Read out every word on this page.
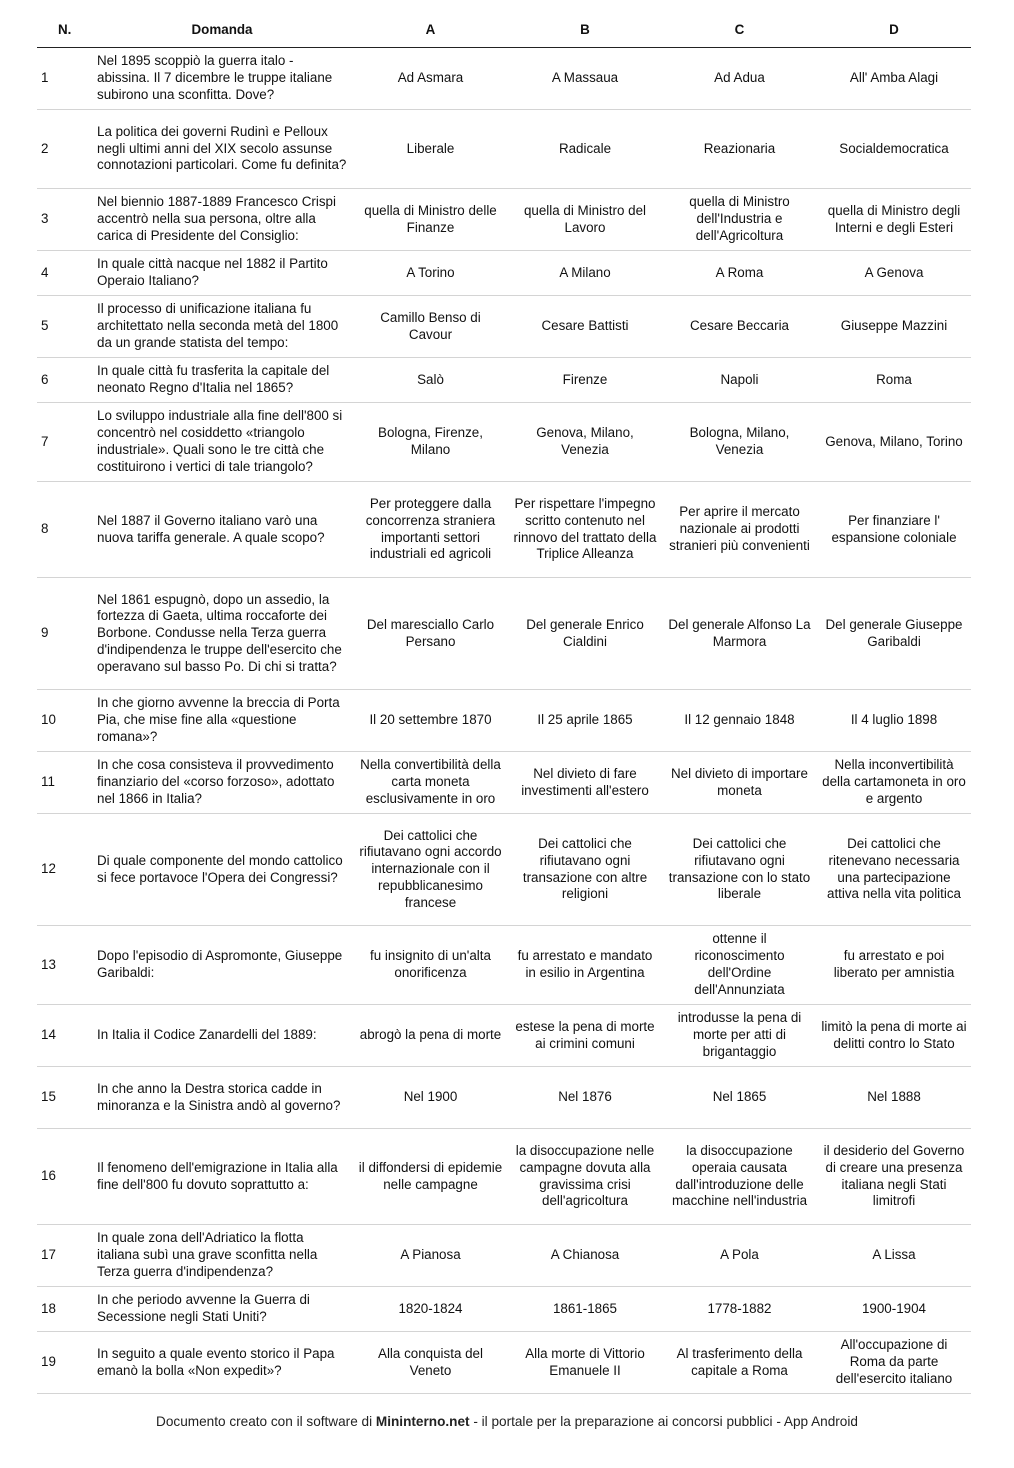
N.	Domanda	A	B	C	D
1	Nel 1895 scoppiò la guerra italo - abissina. Il 7 dicembre le truppe italiane subirono una sconfitta. Dove?	Ad Asmara	A Massaua	Ad Adua	All' Amba Alagi
2	La politica dei governi Rudinì e Pelloux negli ultimi anni del XIX secolo assunse connotazioni particolari. Come fu definita?	Liberale	Radicale	Reazionaria	Socialdemocratica
3	Nel biennio 1887-1889 Francesco Crispi accentrò nella sua persona, oltre alla carica di Presidente del Consiglio:	quella di Ministro delle Finanze	quella di Ministro del Lavoro	quella di Ministro dell'Industria e dell'Agricoltura	quella di Ministro degli Interni e degli Esteri
4	In quale città nacque nel 1882 il Partito Operaio Italiano?	A Torino	A Milano	A Roma	A Genova
5	Il processo di unificazione italiana fu architettato nella seconda metà del 1800 da un grande statista del tempo:	Camillo Benso di Cavour	Cesare Battisti	Cesare Beccaria	Giuseppe Mazzini
6	In quale città fu trasferita la capitale del neonato Regno d'Italia nel 1865?	Salò	Firenze	Napoli	Roma
7	Lo sviluppo industriale alla fine dell'800 si concentrò nel cosiddetto «triangolo industriale». Quali sono le tre città che costituirono i vertici di tale triangolo?	Bologna, Firenze, Milano	Genova, Milano, Venezia	Bologna, Milano, Venezia	Genova, Milano, Torino
8	Nel 1887 il Governo italiano varò una nuova tariffa generale. A quale scopo?	Per proteggere dalla concorrenza straniera importanti settori industriali ed agricoli	Per rispettare l'impegno scritto contenuto nel rinnovo del trattato della Triplice Alleanza	Per aprire il mercato nazionale ai prodotti stranieri più convenienti	Per finanziare l' espansione coloniale
9	Nel 1861 espugnò, dopo un assedio, la fortezza di Gaeta, ultima roccaforte dei Borbone. Condusse nella Terza guerra d'indipendenza le truppe dell'esercito che operavano sul basso Po. Di chi si tratta?	Del maresciallo Carlo Persano	Del generale Enrico Cialdini	Del generale Alfonso La Marmora	Del generale Giuseppe Garibaldi
10	In che giorno avvenne la breccia di Porta Pia, che mise fine alla «questione romana»?	Il 20 settembre 1870	Il 25 aprile 1865	Il 12 gennaio 1848	Il 4 luglio 1898
11	In che cosa consisteva il provvedimento finanziario del «corso forzoso», adottato nel 1866 in Italia?	Nella convertibilità della carta moneta esclusivamente in oro	Nel divieto di fare investimenti all'estero	Nel divieto di importare moneta	Nella inconvertibilità della cartamoneta in oro e argento
12	Di quale componente del mondo cattolico si fece portavoce l'Opera dei Congressi?	Dei cattolici che rifiutavano ogni accordo internazionale con il repubblicanesimo francese	Dei cattolici che rifiutavano ogni transazione con altre religioni	Dei cattolici che rifiutavano ogni transazione con lo stato liberale	Dei cattolici che ritenevano necessaria una partecipazione attiva nella vita politica
13	Dopo l'episodio di Aspromonte, Giuseppe Garibaldi:	fu insignito di un'alta onorificenza	fu arrestato e mandato in esilio in Argentina	ottenne il riconoscimento dell'Ordine dell'Annunziata	fu arrestato e poi liberato per amnistia
14	In Italia il Codice Zanardelli del 1889:	abrogò la pena di morte	estese la pena di morte ai crimini comuni	introdusse la pena di morte per atti di brigantaggio	limitò la pena di morte ai delitti contro lo Stato
15	In che anno la Destra storica cadde in minoranza e la Sinistra andò al governo?	Nel 1900	Nel 1876	Nel 1865	Nel 1888
16	Il fenomeno dell'emigrazione in Italia alla fine dell'800 fu dovuto soprattutto a:	il diffondersi di epidemie nelle campagne	la disoccupazione nelle campagne dovuta alla gravissima crisi dell'agricoltura	la disoccupazione operaia causata dall'introduzione delle macchine nell'industria	il desiderio del Governo di creare una presenza italiana negli Stati limitrofi
17	In quale zona dell'Adriatico la flotta italiana subì una grave sconfitta nella Terza guerra d'indipendenza?	A Pianosa	A Chianosa	A Pola	A Lissa
18	In che periodo avvenne la Guerra di Secessione negli Stati Uniti?	1820-1824	1861-1865	1778-1882	1900-1904
19	In seguito a quale evento storico il Papa emanò la bolla «Non expedit»?	Alla conquista del Veneto	Alla morte di Vittorio Emanuele II	Al trasferimento della capitale a Roma	All'occupazione di Roma da parte dell'esercito italiano
Documento creato con il software di Mininterno.net - il portale per la preparazione ai concorsi pubblici - App Android
